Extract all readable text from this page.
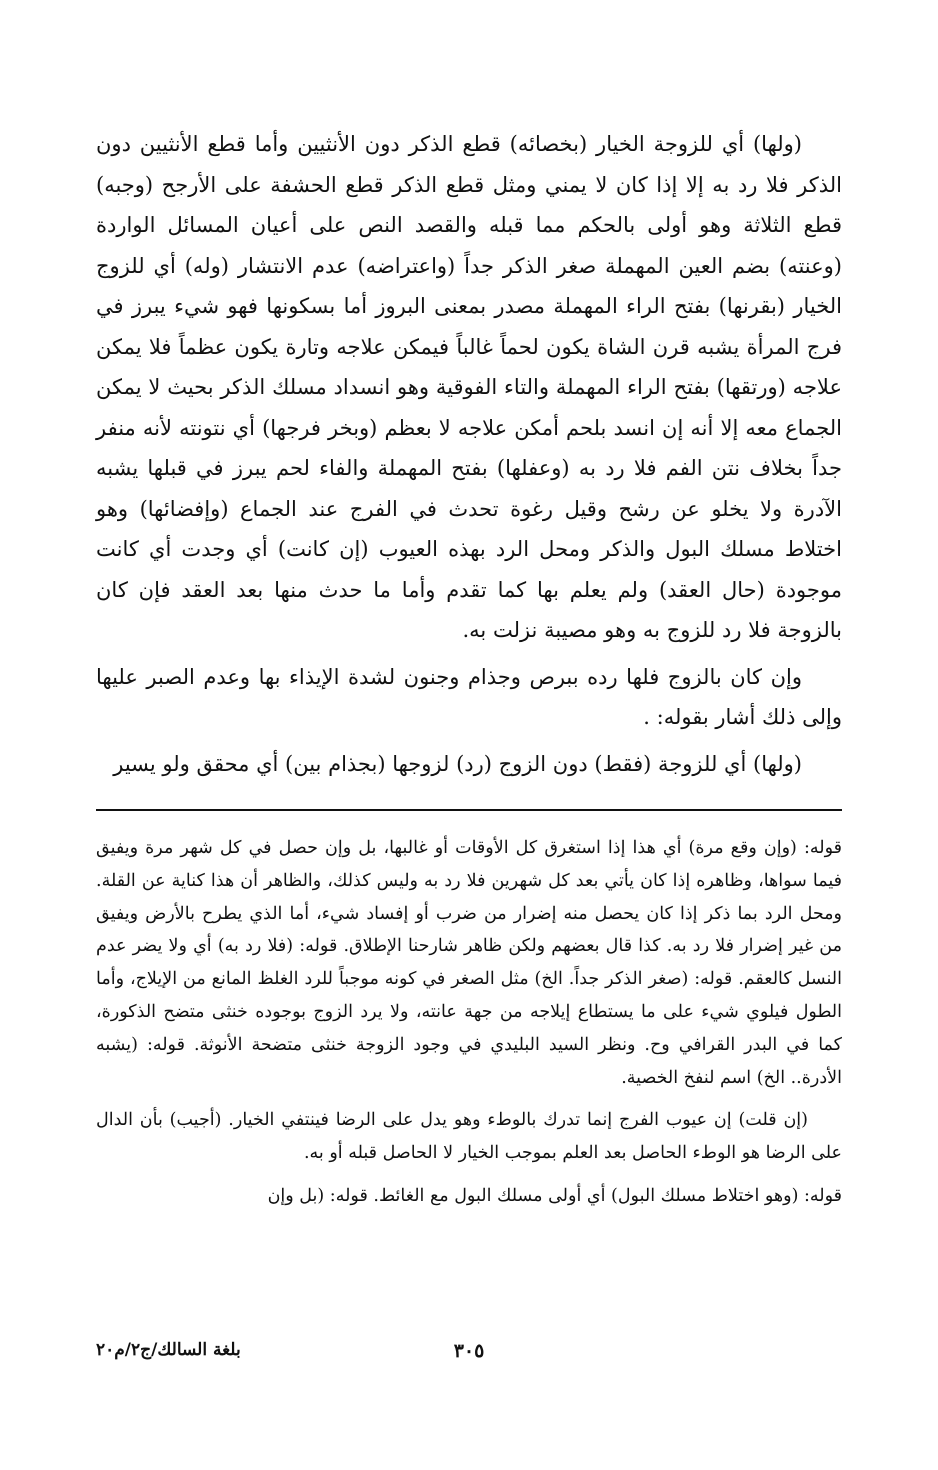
(ولها) أي للزوجة الخيار (بخصائه) قطع الذكر دون الأنثيين وأما قطع الأنثيين دون الذكر فلا رد به إلا إذا كان لا يمني ومثل قطع الذكر قطع الحشفة على الأرجح (وجبه) قطع الثلاثة وهو أولى بالحكم مما قبله والقصد النص على أعيان المسائل الواردة (وعنته) بضم العين المهملة صغر الذكر جداً (واعتراضه) عدم الانتشار (وله) أي للزوج الخيار (بقرنها) بفتح الراء المهملة مصدر بمعنى البروز أما بسكونها فهو شيء يبرز في فرج المرأة يشبه قرن الشاة يكون لحماً غالباً فيمكن علاجه وتارة يكون عظماً فلا يمكن علاجه (ورتقها) بفتح الراء المهملة والتاء الفوقية وهو انسداد مسلك الذكر بحيث لا يمكن الجماع معه إلا أنه إن انسد بلحم أمكن علاجه لا بعظم (وبخر فرجها) أي نتونته لأنه منفر جداً بخلاف نتن الفم فلا رد به (وعفلها) بفتح المهملة والفاء لحم يبرز في قبلها يشبه الآدرة ولا يخلو عن رشح وقيل رغوة تحدث في الفرج عند الجماع (وإفضائها) وهو اختلاط مسلك البول والذكر ومحل الرد بهذه العيوب (إن كانت) أي وجدت أي كانت موجودة (حال العقد) ولم يعلم بها كما تقدم وأما ما حدث منها بعد العقد فإن كان بالزوجة فلا رد للزوج به وهو مصيبة نزلت به.

وإن كان بالزوج فلها رده ببرص وجذام وجنون لشدة الإيذاء بها وعدم الصبر عليها وإلى ذلك أشار بقوله: .

(ولها) أي للزوجة (فقط) دون الزوج (رد) لزوجها (بجذام بين) أي محقق ولو يسير

قوله: (وإن وقع مرة) أي هذا إذا استغرق كل الأوقات أو غالبها، بل وإن حصل في كل شهر مرة ويفيق فيما سواها، وظاهره إذا كان يأتي بعد كل شهرين فلا رد به وليس كذلك، والظاهر أن هذا كناية عن القلة. ومحل الرد بما ذكر إذا كان يحصل منه إضرار من ضرب أو إفساد شيء، أما الذي يطرح بالأرض ويفيق من غير إضرار فلا رد به. كذا قال بعضهم ولكن ظاهر شارحنا الإطلاق. قوله: (فلا رد به) أي ولا يضر عدم النسل كالعقم. قوله: (صغر الذكر جداً. الخ) مثل الصغر في كونه موجباً للرد الغلظ المانع من الإيلاج، وأما الطول فيلوي شيء على ما يستطاع إيلاجه من جهة عانته، ولا يرد الزوج بوجوده خنثى متضح الذكورة، كما في البدر القرافي وح. ونظر السيد البليدي في وجود الزوجة خنثى متضحة الأنوثة. قوله: (يشبه الأدرة.. الخ) اسم لنفخ الخصية.

(إن قلت) إن عيوب الفرج إنما تدرك بالوطء وهو يدل على الرضا فينتفي الخيار. (أجيب) بأن الدال على الرضا هو الوطء الحاصل بعد العلم بموجب الخيار لا الحاصل قبله أو به.

قوله: (وهو اختلاط مسلك البول) أي أولى مسلك البول مع الغائط. قوله: (بل وإن

٣٠٥
بلغة السالك/ج٢/م٢٠
